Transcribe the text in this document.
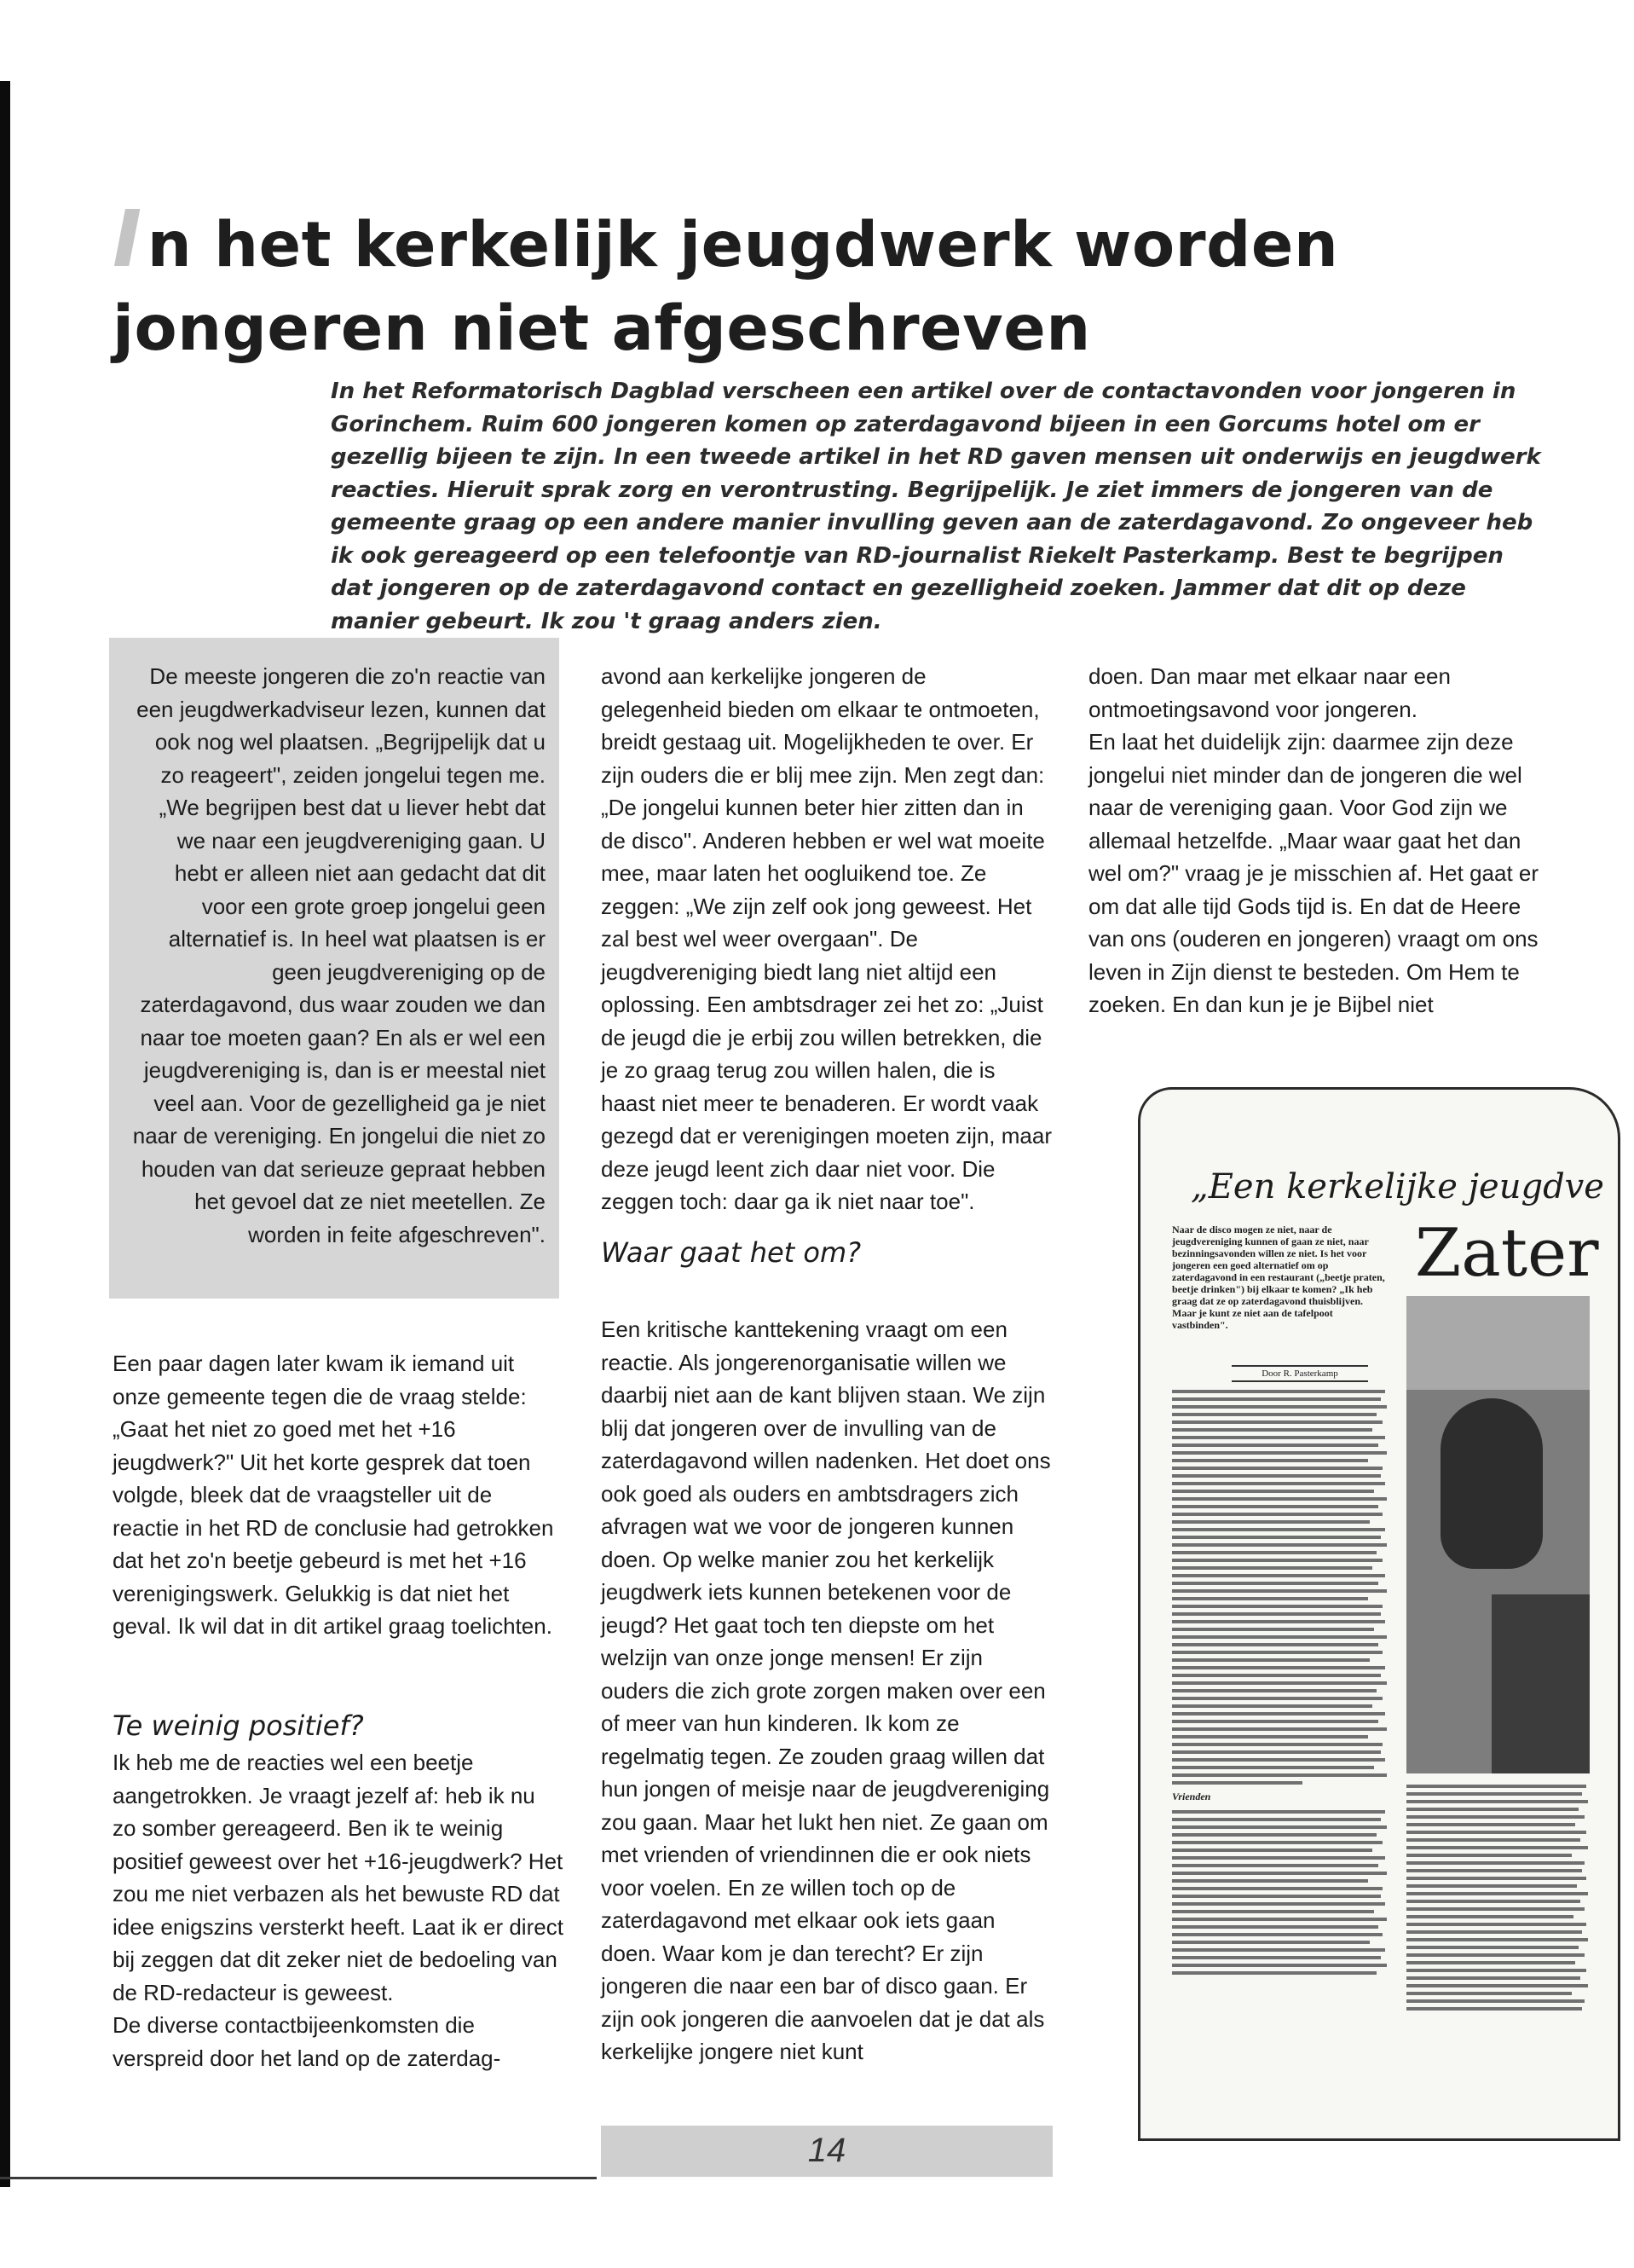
In het kerkelijk jeugdwerk worden
jongeren niet afgeschreven

In het Reformatorisch Dagblad verscheen een artikel over de contactavonden voor jongeren in Gorinchem. Ruim 600 jongeren komen op zaterdagavond bijeen in een Gorcums hotel om er gezellig bijeen te zijn. In een tweede artikel in het RD gaven mensen uit onderwijs en jeugdwerk reacties. Hieruit sprak zorg en verontrusting. Begrijpelijk. Je ziet immers de jongeren van de gemeente graag op een andere manier invulling geven aan de zaterdagavond. Zo ongeveer heb ik ook gereageerd op een telefoontje van RD-journalist Riekelt Pasterkamp. Best te begrijpen dat jongeren op de zaterdagavond contact en gezelligheid zoeken. Jammer dat dit op deze manier gebeurt. Ik zou 't graag anders zien.

De meeste jongeren die zo'n reactie van een jeugdwerkadviseur lezen, kunnen dat ook nog wel plaatsen. „Begrijpelijk dat u zo reageert", zeiden jongelui tegen me. „We begrijpen best dat u liever hebt dat we naar een jeugdvereniging gaan. U hebt er alleen niet aan gedacht dat dit voor een grote groep jongelui geen alternatief is. In heel wat plaatsen is er geen jeugdvereniging op de zaterdagavond, dus waar zouden we dan naar toe moeten gaan? En als er wel een jeugdvereniging is, dan is er meestal niet veel aan. Voor de gezelligheid ga je niet naar de vereniging. En jongelui die niet zo houden van dat serieuze gepraat hebben het gevoel dat ze niet meetellen. Ze worden in feite afgeschreven".

Een paar dagen later kwam ik iemand uit onze gemeente tegen die de vraag stelde: „Gaat het niet zo goed met het +16 jeugdwerk?" Uit het korte gesprek dat toen volgde, bleek dat de vraagsteller uit de reactie in het RD de conclusie had getrokken dat het zo'n beetje gebeurd is met het +16 verenigingswerk. Gelukkig is dat niet het geval. Ik wil dat in dit artikel graag toelichten.

Te weinig positief?

Ik heb me de reacties wel een beetje aangetrokken. Je vraagt jezelf af: heb ik nu zo somber gereageerd. Ben ik te weinig positief geweest over het +16-jeugdwerk? Het zou me niet verbazen als het bewuste RD dat idee enigszins versterkt heeft. Laat ik er direct bij zeggen dat dit zeker niet de bedoeling van de RD-redacteur is geweest.

De diverse contactbijeenkomsten die verspreid door het land op de zaterdag-

avond aan kerkelijke jongeren de gelegenheid bieden om elkaar te ontmoeten, breidt gestaag uit. Mogelijkheden te over. Er zijn ouders die er blij mee zijn. Men zegt dan: „De jongelui kunnen beter hier zitten dan in de disco". Anderen hebben er wel wat moeite mee, maar laten het oogluikend toe. Ze zeggen: „We zijn zelf ook jong geweest. Het zal best wel weer overgaan". De jeugdvereniging biedt lang niet altijd een oplossing. Een ambtsdrager zei het zo: „Juist de jeugd die je erbij zou willen betrekken, die je zo graag terug zou willen halen, die is haast niet meer te benaderen. Er wordt vaak gezegd dat er verenigingen moeten zijn, maar deze jeugd leent zich daar niet voor. Die zeggen toch: daar ga ik niet naar toe".

Waar gaat het om?

Een kritische kanttekening vraagt om een reactie. Als jongerenorganisatie willen we daarbij niet aan de kant blijven staan. We zijn blij dat jongeren over de invulling van de zaterdagavond willen nadenken. Het doet ons ook goed als ouders en ambtsdragers zich afvragen wat we voor de jongeren kunnen doen. Op welke manier zou het kerkelijk jeugdwerk iets kunnen betekenen voor de jeugd? Het gaat toch ten diepste om het welzijn van onze jonge mensen! Er zijn ouders die zich grote zorgen maken over een of meer van hun kinderen. Ik kom ze regelmatig tegen. Ze zouden graag willen dat hun jongen of meisje naar de jeugdvereniging zou gaan. Maar het lukt hen niet. Ze gaan om met vrienden of vriendinnen die er ook niets voor voelen. En ze willen toch op de zaterdagavond met elkaar ook iets gaan doen. Waar kom je dan terecht? Er zijn jongeren die naar een bar of disco gaan. Er zijn ook jongeren die aanvoelen dat je dat als kerkelijke jongere niet kunt

doen. Dan maar met elkaar naar een ontmoetingsavond voor jongeren.

En laat het duidelijk zijn: daarmee zijn deze jongelui niet minder dan de jongeren die wel naar de vereniging gaan. Voor God zijn we allemaal hetzelfde. „Maar waar gaat het dan wel om?" vraag je je misschien af. Het gaat er om dat alle tijd Gods tijd is. En dat de Heere van ons (ouderen en jongeren) vraagt om ons leven in Zijn dienst te besteden. Om Hem te zoeken. En dan kun je je Bijbel niet

„Een kerkelijke jeugdve
Zater
Naar de disco mogen ze niet, naar de jeugdvereniging kunnen of gaan ze niet, naar bezinningsavonden willen ze niet. Is het voor jongeren een goed alternatief om op zaterdagavond in een restaurant („beetje praten, beetje drinken") bij elkaar te komen? „Ik heb graag dat ze op zaterdagavond thuisblijven. Maar je kunt ze niet aan de tafelpoot vastbinden".
Door R. Pasterkamp
Vrienden
14
